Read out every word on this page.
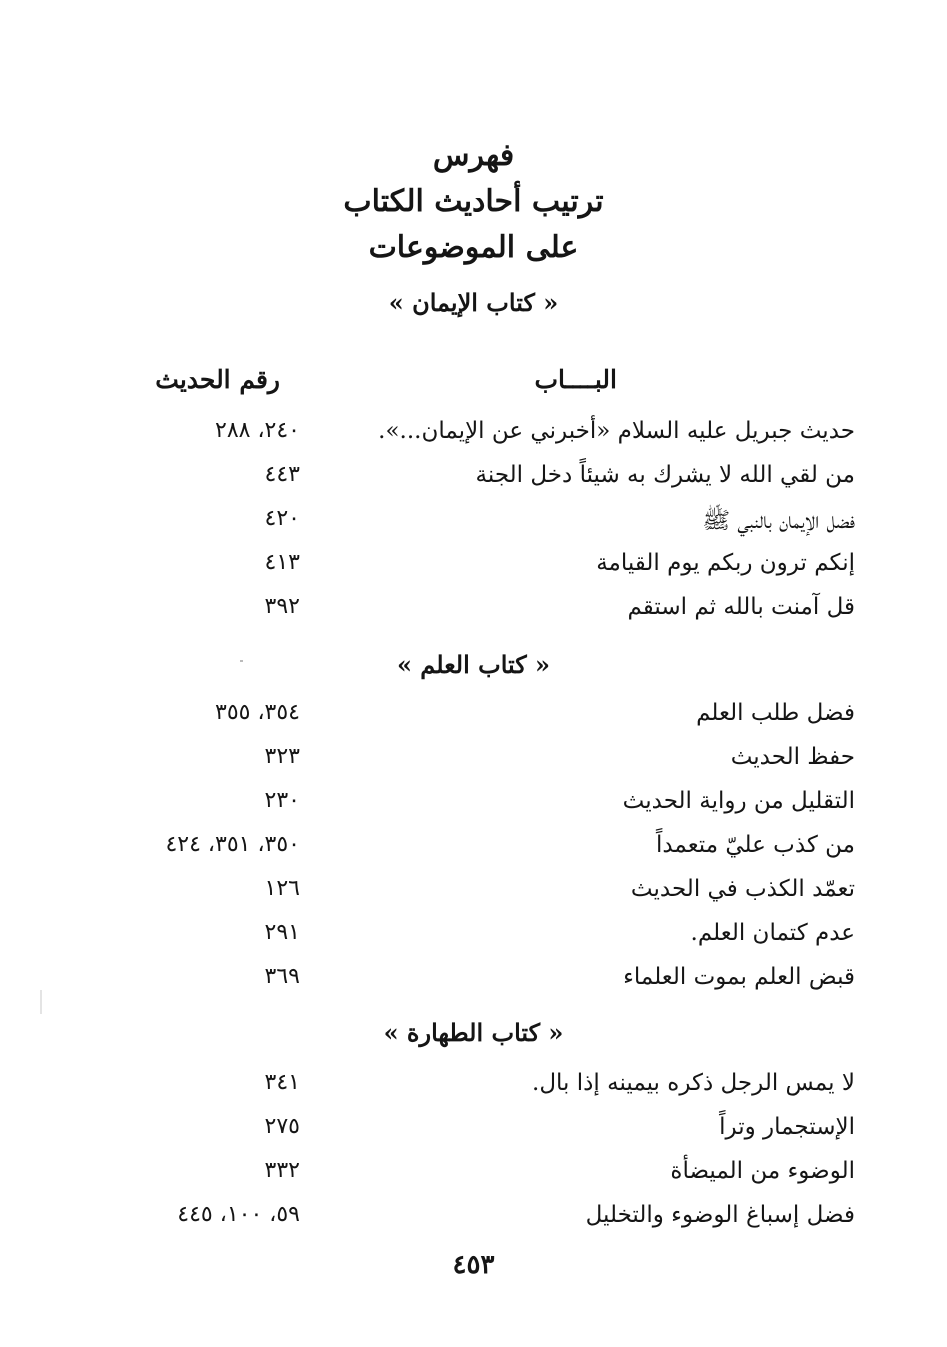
فهرس
ترتيب أحاديث الكتاب
على الموضوعات
« كتاب الإيمان »
البــــاب
رقم الحديث
حديث جبريل عليه السلام «أخبرني عن الإيمان...».
٢٤٠، ٢٨٨
من لقي الله لا يشرك به شيئاً دخل الجنة
٤٤٣
فضل الإيمان بالنبي ﷺ
٤٢٠
إنكم ترون ربكم يوم القيامة
٤١٣
قل آمنت بالله ثم استقم
٣٩٢
« كتاب العلم »
فضل طلب العلم
٣٥٤، ٣٥٥
حفظ الحديث
٣٢٣
التقليل من رواية الحديث
٢٣٠
من كذب عليّ متعمداً
٣٥٠، ٣٥١، ٤٢٤
تعمّد الكذب في الحديث
١٢٦
عدم كتمان العلم.
٢٩١
قبض العلم بموت العلماء
٣٦٩
« كتاب الطهارة »
لا يمس الرجل ذكره بيمينه إذا بال.
٣٤١
الإستجمار وتراً
٢٧٥
الوضوء من الميضأة
٣٣٢
فضل إسباغ الوضوء والتخليل
٥٩، ١٠٠، ٤٤٥
٤٥٣
